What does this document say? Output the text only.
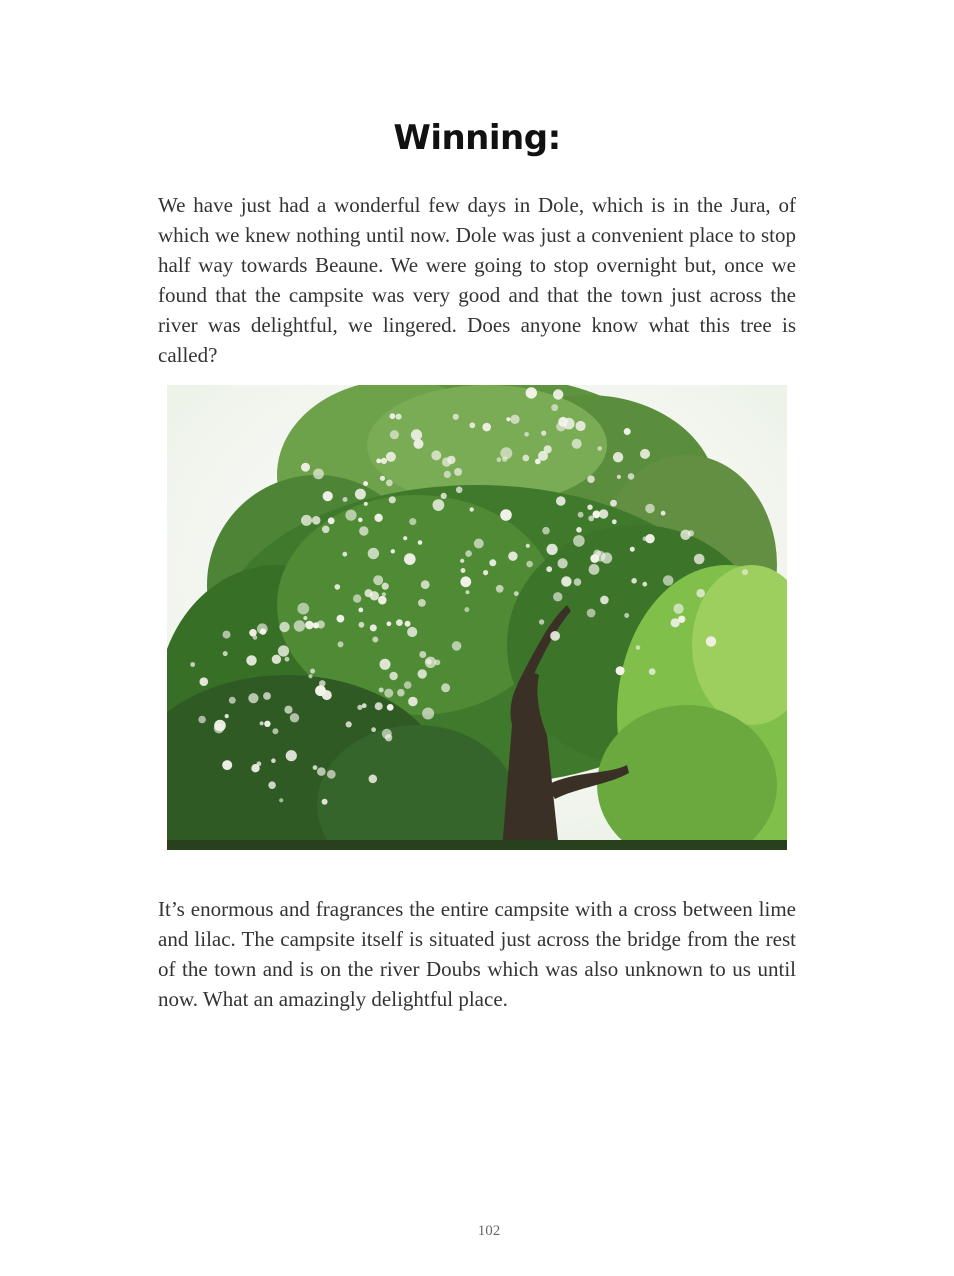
Winning:

We have just had a wonderful few days in Dole, which is in the Jura, of which we knew nothing until now. Dole was just a convenient place to stop half way towards Beaune. We were going to stop overnight but, once we found that the campsite was very good and that the town just across the river was delightful, we lingered. Does anyone know what this tree is called?

It’s enormous and fragrances the entire campsite with a cross between lime and lilac. The campsite itself is situated just across the bridge from the rest of the town and is on the river Doubs which was also unknown to us until now. What an amazingly delightful place.

102
